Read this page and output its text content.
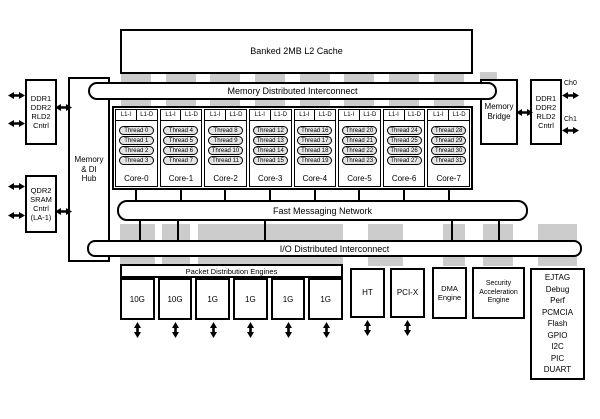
Banked 2MB L2 Cache
Memory Distributed Interconnect
L1-I	L1-D
Thread 0
Thread 1
Thread 2
Thread 3
Core-0
L1-I	L1-D
Thread 4
Thread 5
Thread 6
Thread 7
Core-1
L1-I	L1-D
Thread 8
Thread 9
Thread 10
Thread 11
Core-2
L1-I	L1-D
Thread 12
Thread 13
Thread 14
Thread 15
Core-3
L1-I	L1-D
Thread 16
Thread 17
Thread 18
Thread 19
Core-4
L1-I	L1-D
Thread 20
Thread 21
Thread 22
Thread 23
Core-5
L1-I	L1-D
Thread 24
Thread 25
Thread 26
Thread 27
Core-6
L1-I	L1-D
Thread 28
Thread 29
Thread 30
Thread 31
Core-7
Fast Messaging Network
I/O Distributed Interconnect
Memory
& DI
Hub
DDR1
DDR2
RLD2
Cntrl
QDR2
SRAM
Cntrl
(LA-1)
Memory
Bridge
DDR1
DDR2
RLD2
Cntrl
Ch0
Ch1
Packet Distribution Engines
10G	10G	1G	1G	1G	1G
HT	PCI-X	DMA
Engine
Security
Acceleration
Engine
EJTAG
Debug
Perf
PCMCIA
Flash
GPIO
I2C
PIC
DUART
